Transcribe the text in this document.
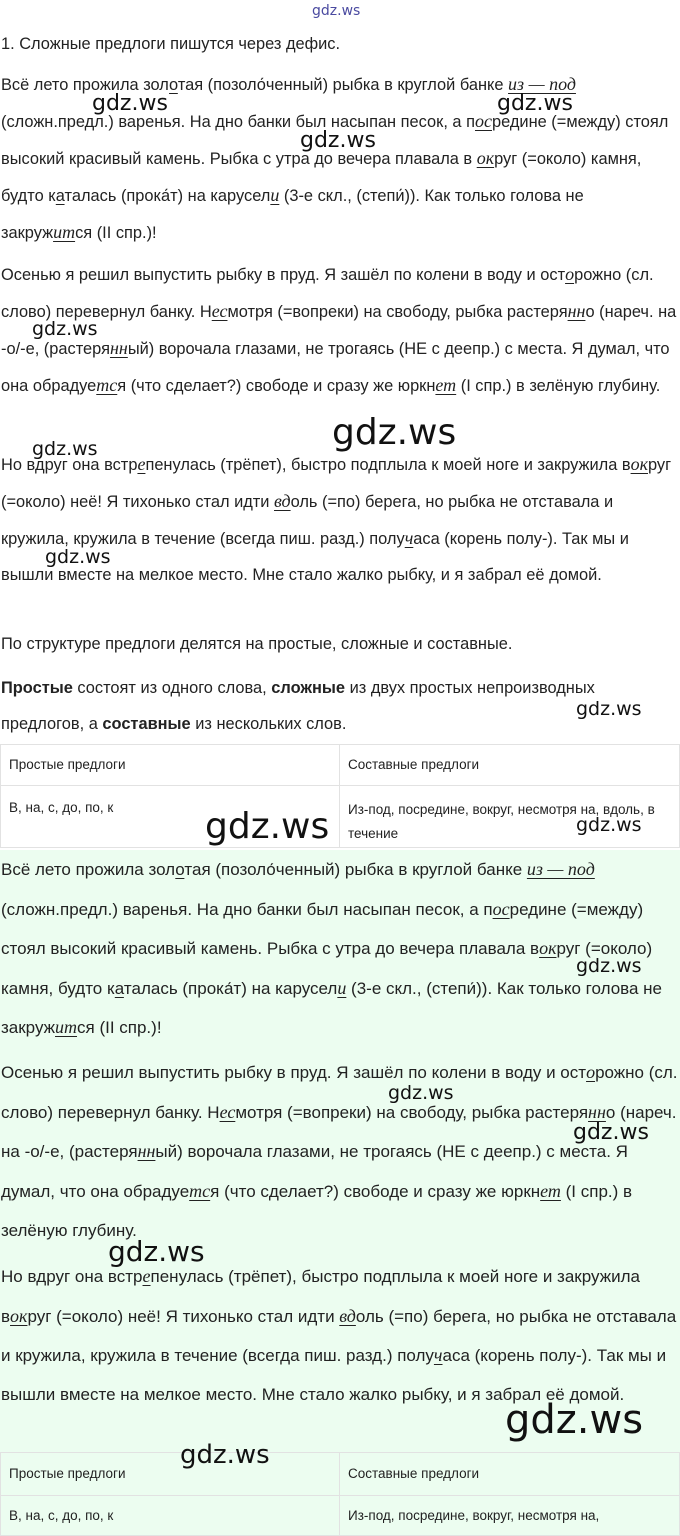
gdz.ws

1. Сложные предлоги пишутся через дефис.

Всё лето прожила золотая (позоло́ченный) рыбка в круглой банке из — под (сложн.предл.) варенья. На дно банки был насыпан песок, а посредине (=между) стоял высокий красивый камень. Рыбка с утра до вечера плавала в округ (=около) камня, будто каталась (прока́т) на карусели (3-е скл., (степи́)). Как только голова не закружится (II спр.)!

Осенью я решил выпустить рыбку в пруд. Я зашёл по колени в воду и осторожно (сл. слово) перевернул банку. Несмотря (=вопреки) на свободу, рыбка растерянно (нареч. на -о/-е, (растерянный) ворочала глазами, не трогаясь (НЕ с деепр.) с места. Я думал, что она обрадуется (что сделает?) свободе и сразу же юркнет (I спр.) в зелёную глубину.

Но вдруг она встрепенулась (трёпет), быстро подплыла к моей ноге и закружила вокруг (=около) неё! Я тихонько стал идти вдоль (=по) берега, но рыбка не отставала и кружила, кружила в течение (всегда пиш. разд.) получаса (корень полу-). Так мы и вышли вместе на мелкое место. Мне стало жалко рыбку, и я забрал её домой.

По структуре предлоги делятся на простые, сложные и составные.

Простые состоят из одного слова, сложные из двух простых непроизводных предлогов, а составные из нескольких слов.

Простые предлоги	Составные предлоги
В, на, с, до, по, к	Из-под, посредине, вокруг, несмотря на, вдоль, в течение

Всё лето прожила золотая (позоло́ченный) рыбка в круглой банке из — под (сложн.предл.) варенья. На дно банки был насыпан песок, а посредине (=между) стоял высокий красивый камень. Рыбка с утра до вечера плавала вокруг (=около) камня, будто каталась (прока́т) на карусели (3-е скл., (степи́)). Как только голова не закружится (II спр.)!

Осенью я решил выпустить рыбку в пруд. Я зашёл по колени в воду и осторожно (сл. слово) перевернул банку. Несмотря (=вопреки) на свободу, рыбка растерянно (нареч. на -о/-е, (растерянный) ворочала глазами, не трогаясь (НЕ с деепр.) с места. Я думал, что она обрадуется (что сделает?) свободе и сразу же юркнет (I спр.) в зелёную глубину.

Но вдруг она встрепенулась (трёпет), быстро подплыла к моей ноге и закружила вокруг (=около) неё! Я тихонько стал идти вдоль (=по) берега, но рыбка не отставала и кружила, кружила в течение (всегда пиш. разд.) получаса (корень полу-). Так мы и вышли вместе на мелкое место. Мне стало жалко рыбку, и я забрал её домой.

Простые предлоги	Составные предлоги
В, на, с, до, по, к	Из-под, посредине, вокруг, несмотря на,
gdz.ws	gdz.ws
gdz.ws
gdz.ws
gdz.ws
gdz.ws
gdz.ws
gdz.ws
gdz.ws	gdz.ws
gdz.ws
gdz.ws
gdz.ws
gdz.ws
gdz.ws
gdz.ws
